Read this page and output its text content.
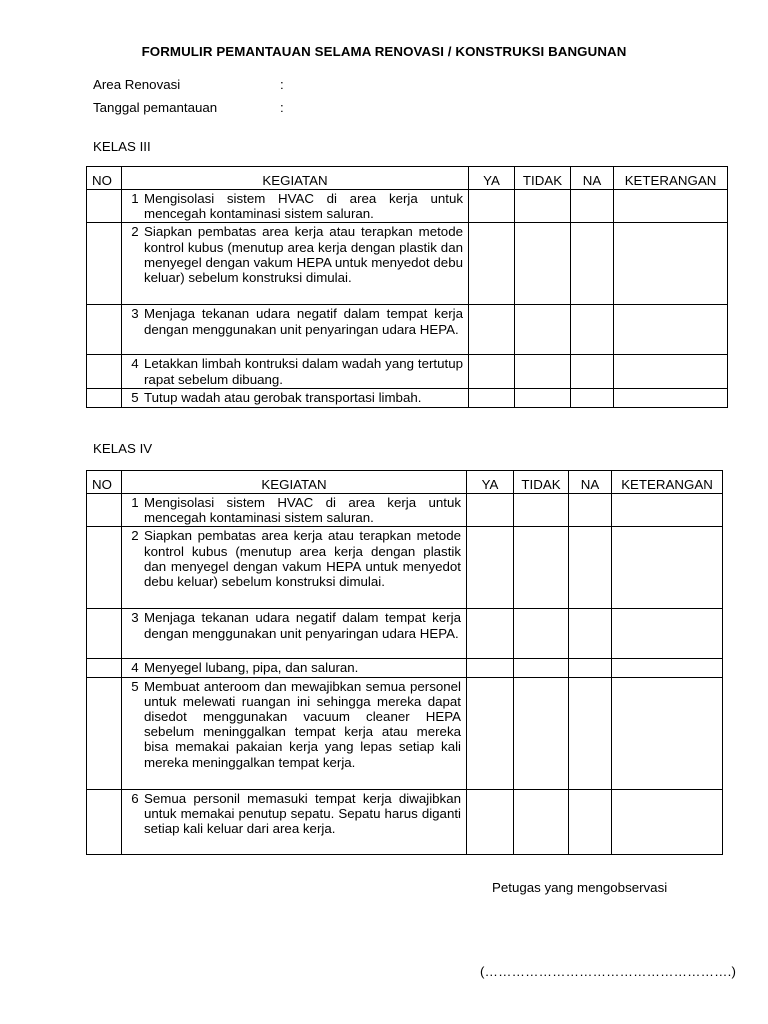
FORMULIR PEMANTAUAN SELAMA RENOVASI / KONSTRUKSI BANGUNAN
Area Renovasi	:
Tanggal pemantauan	:
KELAS III
NO	KEGIATAN	YA	TIDAK	NA	KETERANGAN

	1 Mengisolasi sistem HVAC di area kerja untuk mencegah kontaminasi sistem saluran.				

	2 Siapkan pembatas area kerja atau terapkan metode kontrol kubus (menutup area kerja dengan plastik dan menyegel dengan vakum HEPA untuk menyedot debu keluar) sebelum konstruksi dimulai.				

	3 Menjaga tekanan udara negatif dalam tempat kerja dengan menggunakan unit penyaringan udara HEPA.				

	4 Letakkan limbah kontruksi dalam wadah yang tertutup rapat sebelum dibuang.				

	5 Tutup wadah atau gerobak transportasi limbah.				

KELAS IV
NO	KEGIATAN	YA	TIDAK	NA	KETERANGAN

	1 Mengisolasi sistem HVAC di area kerja untuk mencegah kontaminasi sistem saluran.				

	2 Siapkan pembatas area kerja atau terapkan metode kontrol kubus (menutup area kerja dengan plastik dan menyegel dengan vakum HEPA untuk menyedot debu keluar) sebelum konstruksi dimulai.				

	3 Menjaga tekanan udara negatif dalam tempat kerja dengan menggunakan unit penyaringan udara HEPA.				

	4 Menyegel lubang, pipa, dan saluran.				

	5 Membuat anteroom dan mewajibkan semua personel untuk melewati ruangan ini sehingga mereka dapat disedot menggunakan vacuum cleaner HEPA sebelum meninggalkan tempat kerja atau mereka bisa memakai pakaian kerja yang lepas setiap kali mereka meninggalkan tempat kerja.				

	6 Semua personil memasuki tempat kerja diwajibkan untuk memakai penutup sepatu. Sepatu harus diganti setiap kali keluar dari area kerja.				

Petugas yang mengobservasi
(……………………………………………….)
